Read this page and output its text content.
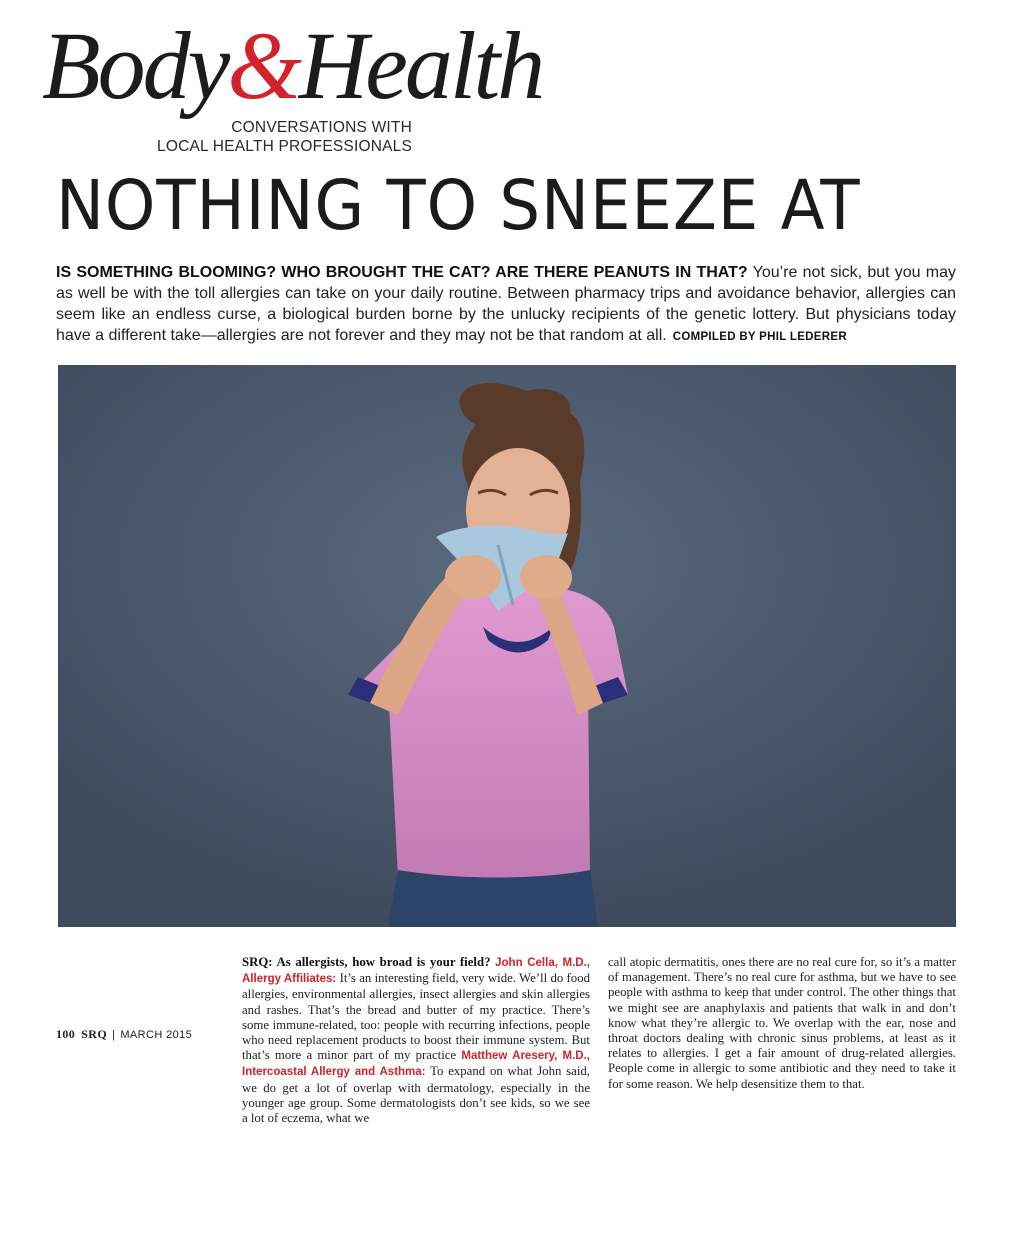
Body&Health
CONVERSATIONS WITH
LOCAL HEALTH PROFESSIONALS
NOTHING TO SNEEZE AT
IS SOMETHING BLOOMING? WHO BROUGHT THE CAT? ARE THERE PEANUTS IN THAT? You’re not sick, but you may as well be with the toll allergies can take on your daily routine. Between pharmacy trips and avoidance behavior, allergies can seem like an endless curse, a biological burden borne by the unlucky recipients of the genetic lottery. But physicians today have a different take—allergies are not forever and they may not be that random at all. COMPILED BY PHIL LEDERER
SRQ: As allergists, how broad is your field? John Cella, M.D., Allergy Affiliates: It’s an interesting field, very wide. We’ll do food allergies, environmental allergies, insect allergies and skin allergies and rashes. That’s the bread and butter of my practice. There’s some immune-related, too: people with recurring infections, people who need replacement products to boost their immune system. But that’s more a minor part of my practice Matthew Aresery, M.D., Intercoastal Allergy and Asthma: To expand on what John said, we do get a lot of overlap with dermatology, especially in the younger age group. Some dermatologists don’t see kids, so we see a lot of eczema, what we
call atopic dermatitis, ones there are no real cure for, so it’s a matter of management. There’s no real cure for asthma, but we have to see people with asthma to keep that under control. The other things that we might see are anaphylaxis and patients that walk in and don’t know what they’re allergic to. We overlap with the ear, nose and throat doctors dealing with chronic sinus problems, at least as it relates to allergies. I get a fair amount of drug-related allergies. People come in allergic to some antibiotic and they need to take it for some reason. We help desensitize them to that.
100 SRQ | MARCH 2015
